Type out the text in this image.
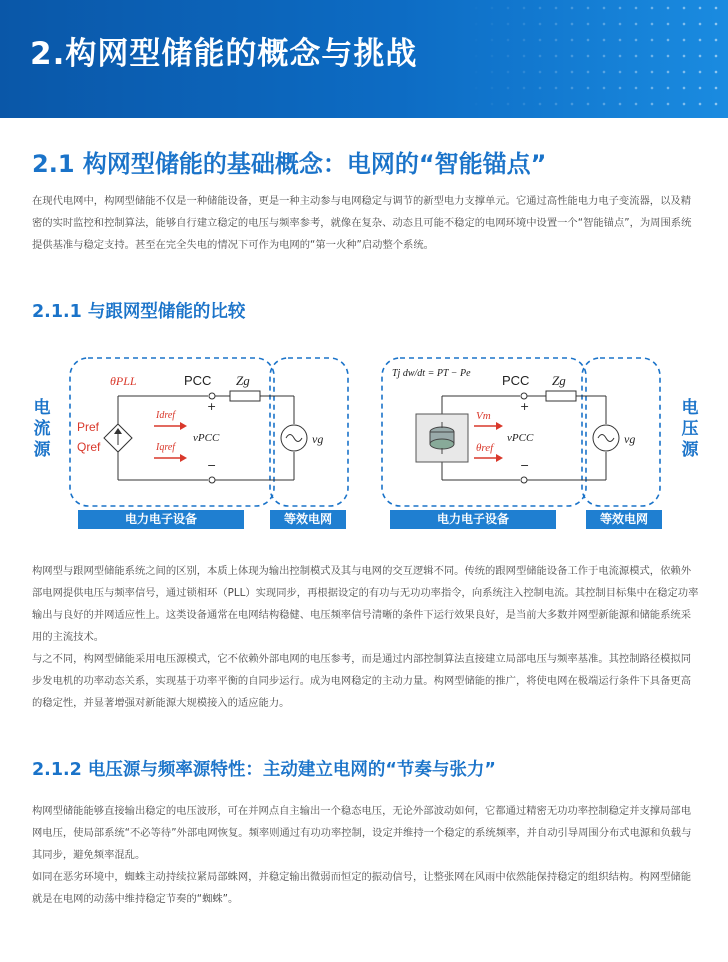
2.构网型储能的概念与挑战
2.1 构网型储能的基础概念：电网的“智能锚点”

在现代电网中，构网型储能不仅是一种储能设备，更是一种主动参与电网稳定与调节的新型电力支撑单元。它通过高性能电力电子变流器，以及精密的实时监控和控制算法，能够自行建立稳定的电压与频率参考，就像在复杂、动态且可能不稳定的电网环境中设置一个“智能锚点”，为周围系统提供基准与稳定支持。甚至在完全失电的情况下可作为电网的“第一火种”启动整个系统。

2.1.1 与跟网型储能的比较
电流源
电压源
θPLL	PCC Zg
Pref
Qref
Idref
Iqref
+
vPCC
−
vg
Tj dw/dt = PT − Pe PCC Zg
Vm
θref
+
vPCC
−
vg
电力电子设备	等效电网	电力电子设备	等效电网

构网型与跟网型储能系统之间的区别，本质上体现为输出控制模式及其与电网的交互逻辑不同。传统的跟网型储能设备工作于电流源模式，依赖外部电网提供电压与频率信号，通过锁相环（PLL）实现同步，再根据设定的有功与无功功率指令，向系统注入控制电流。其控制目标集中在稳定功率输出与良好的并网适应性上。这类设备通常在电网结构稳健、电压频率信号清晰的条件下运行效果良好，是当前大多数并网型新能源和储能系统采用的主流技术。

与之不同，构网型储能采用电压源模式，它不依赖外部电网的电压参考，而是通过内部控制算法直接建立局部电压与频率基准。其控制路径模拟同步发电机的功率动态关系，实现基于功率平衡的自同步运行。成为电网稳定的主动力量。构网型储能的推广，将使电网在极端运行条件下具备更高的稳定性，并显著增强对新能源大规模接入的适应能力。

2.1.2 电压源与频率源特性：主动建立电网的“节奏与张力”

构网型储能能够直接输出稳定的电压波形，可在并网点自主输出一个稳态电压，无论外部波动如何，它都通过精密无功功率控制稳定并支撑局部电网电压，使局部系统“不必等待”外部电网恢复。频率则通过有功功率控制，设定并维持一个稳定的系统频率，并自动引导周围分布式电源和负载与其同步，避免频率混乱。

如同在恶劣环境中，蜘蛛主动持续拉紧局部蛛网，并稳定输出微弱而恒定的振动信号，让整张网在风雨中依然能保持稳定的组织结构。构网型储能就是在电网的动荡中维持稳定节奏的“蜘蛛”。
